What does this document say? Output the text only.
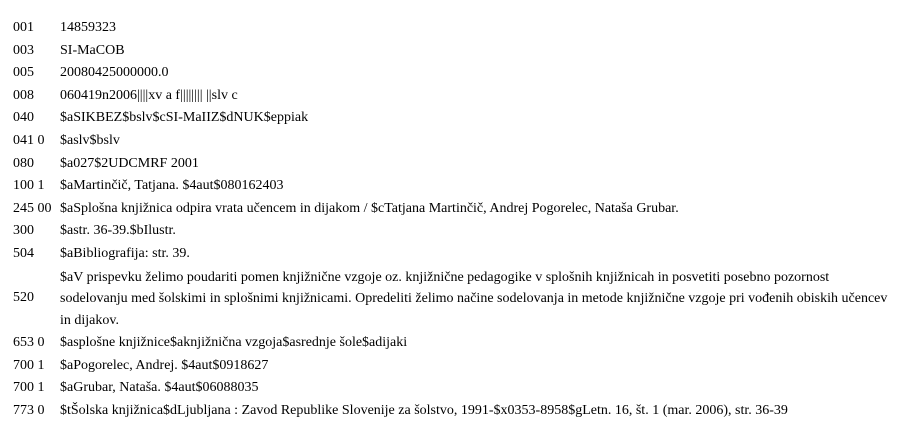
001	14859323
003	SI-MaCOB
005	20080425000000.0
008	060419n2006||||xv a f|||||||| ||slv c
040	$aSIKBEZ$bslv$cSI-MaIIZ$dNUK$eppiak
041 0	$aslv$bslv
080	$a027$2UDCMRF 2001
100 1	$aMartinčič, Tatjana. $4aut$080162403
245 00	$aSplošna knjižnica odpira vrata učencem in dijakom / $cTatjana Martinčič, Andrej Pogorelec, Nataša Grubar.
300	$astr. 36-39.$bIlustr.
504	$aBibliografija: str. 39.
520	$aV prispevku želimo poudariti pomen knjižnične vzgoje oz. knjižnične pedagogike v splošnih knjižnicah in posvetiti posebno pozornost sodelovanju med šolskimi in splošnimi knjižnicami. Opredeliti želimo načine sodelovanja in metode knjižnične vzgoje pri vođenih obiskih učencev in dijakov.
653 0	$asplošne knjižnice$aknjižnična vzgoja$asrednje šole$adijaki
700 1	$aPogorelec, Andrej. $4aut$0918627
700 1	$aGrubar, Nataša. $4aut$06088035
773 0	$tŠolska knjižnica$dLjubljana : Zavod Republike Slovenije za šolstvo, 1991-$x0353-8958$gLetn. 16, št. 1 (mar. 2006), str. 36-39
